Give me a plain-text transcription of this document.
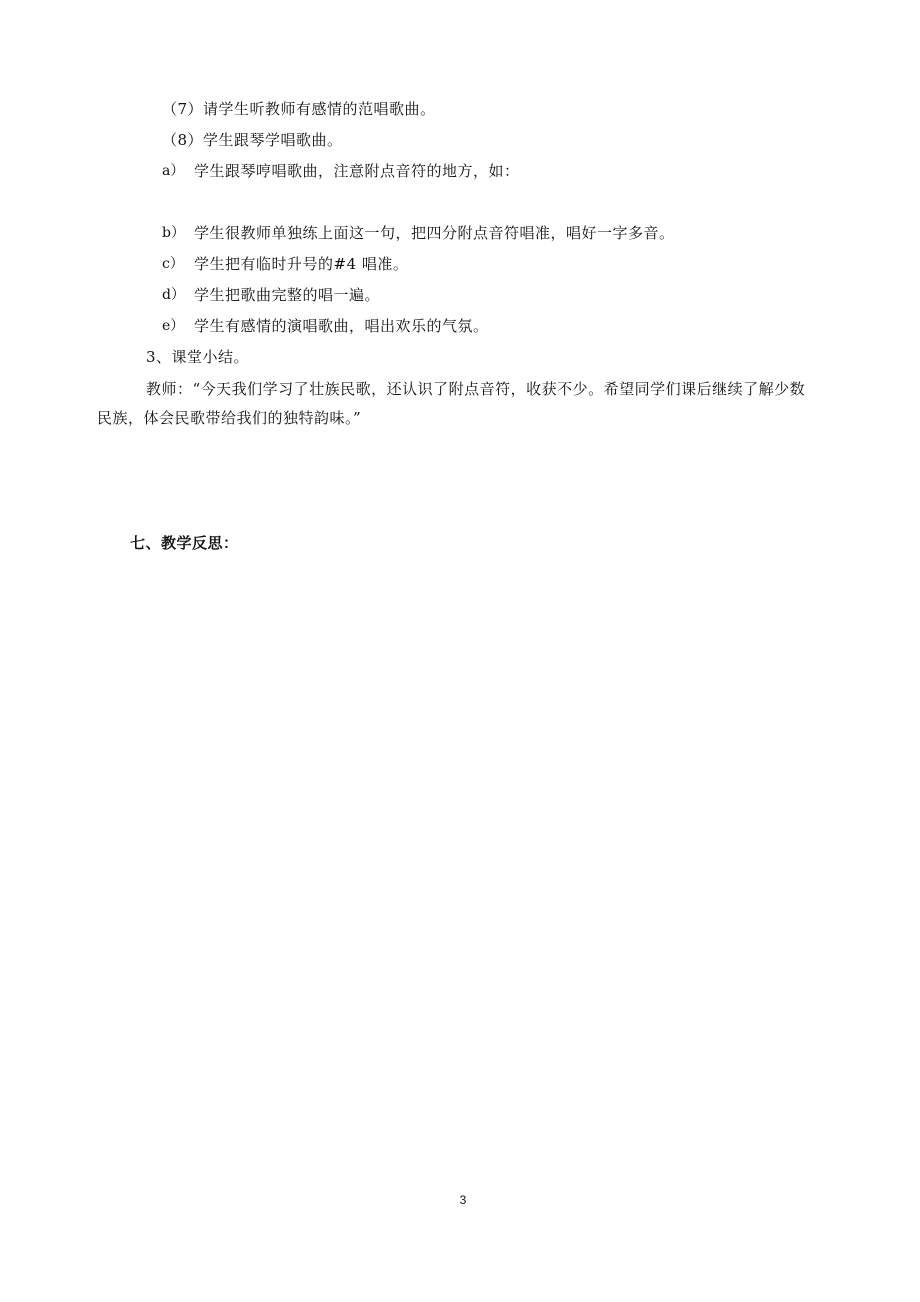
（7）请学生听教师有感情的范唱歌曲。
（8）学生跟琴学唱歌曲。
a） 学生跟琴哼唱歌曲，注意附点音符的地方，如：
b） 学生很教师单独练上面这一句，把四分附点音符唱准，唱好一字多音。
c） 学生把有临时升号的#4 唱准。
d） 学生把歌曲完整的唱一遍。
e） 学生有感情的演唱歌曲，唱出欢乐的气氛。
3、课堂小结。
教师：“今天我们学习了壮族民歌，还认识了附点音符，收获不少。希望同学们课后继续了解少数
民族，体会民歌带给我们的独特韵味。”
七、教学反思：
3
